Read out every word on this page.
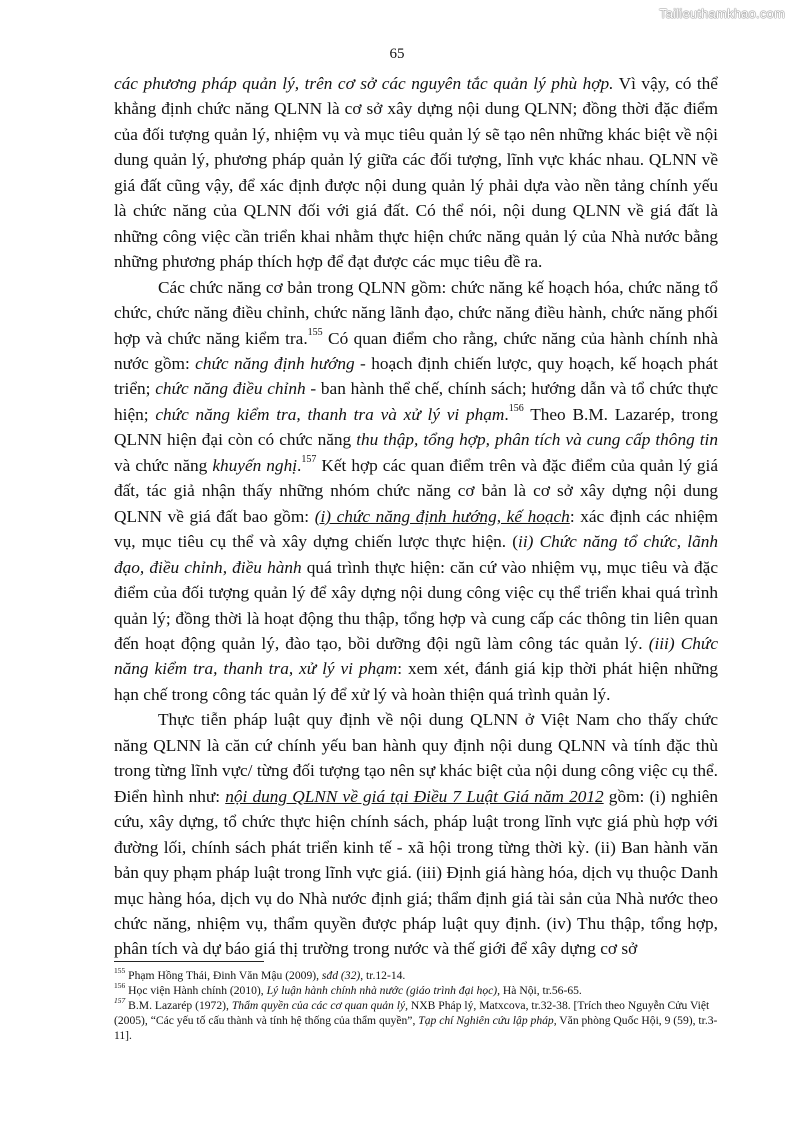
Tailieuthamkhao.com
65

các phương pháp quản lý, trên cơ sở các nguyên tắc quản lý phù hợp. Vì vậy, có thể khẳng định chức năng QLNN là cơ sở xây dựng nội dung QLNN; đồng thời đặc điểm của đối tượng quản lý, nhiệm vụ và mục tiêu quản lý sẽ tạo nên những khác biệt về nội dung quản lý, phương pháp quản lý giữa các đối tượng, lĩnh vực khác nhau. QLNN về giá đất cũng vậy, để xác định được nội dung quản lý phải dựa vào nền tảng chính yếu là chức năng của QLNN đối với giá đất. Có thể nói, nội dung QLNN về giá đất là những công việc cần triển khai nhằm thực hiện chức năng quản lý của Nhà nước bằng những phương pháp thích hợp để đạt được các mục tiêu đề ra.

Các chức năng cơ bản trong QLNN gồm: chức năng kế hoạch hóa, chức năng tổ chức, chức năng điều chỉnh, chức năng lãnh đạo, chức năng điều hành, chức năng phối hợp và chức năng kiểm tra.$^{155}$ Có quan điểm cho rằng, chức năng của hành chính nhà nước gồm: chức năng định hướng - hoạch định chiến lược, quy hoạch, kế hoạch phát triển; chức năng điều chỉnh - ban hành thể chế, chính sách; hướng dẫn và tổ chức thực hiện; chức năng kiểm tra, thanh tra và xử lý vi phạm.$^{156}$ Theo B.M. Lazarép, trong QLNN hiện đại còn có chức năng thu thập, tổng hợp, phân tích và cung cấp thông tin và chức năng khuyến nghị.$^{157}$ Kết hợp các quan điểm trên và đặc điểm của quản lý giá đất, tác giả nhận thấy những nhóm chức năng cơ bản là cơ sở xây dựng nội dung QLNN về giá đất bao gồm: (i) chức năng định hướng, kế hoạch: xác định các nhiệm vụ, mục tiêu cụ thể và xây dựng chiến lược thực hiện. (ii) Chức năng tổ chức, lãnh đạo, điều chỉnh, điều hành quá trình thực hiện: căn cứ vào nhiệm vụ, mục tiêu và đặc điểm của đối tượng quản lý để xây dựng nội dung công việc cụ thể triển khai quá trình quản lý; đồng thời là hoạt động thu thập, tổng hợp và cung cấp các thông tin liên quan đến hoạt động quản lý, đào tạo, bồi dưỡng đội ngũ làm công tác quản lý. (iii) Chức năng kiểm tra, thanh tra, xử lý vi phạm: xem xét, đánh giá kịp thời phát hiện những hạn chế trong công tác quản lý để xử lý và hoàn thiện quá trình quản lý.

Thực tiễn pháp luật quy định về nội dung QLNN ở Việt Nam cho thấy chức năng QLNN là căn cứ chính yếu ban hành quy định nội dung QLNN và tính đặc thù trong từng lĩnh vực/ từng đối tượng tạo nên sự khác biệt của nội dung công việc cụ thể. Điển hình như: nội dung QLNN về giá tại Điều 7 Luật Giá năm 2012 gồm: (i) nghiên cứu, xây dựng, tổ chức thực hiện chính sách, pháp luật trong lĩnh vực giá phù hợp với đường lối, chính sách phát triển kinh tế - xã hội trong từng thời kỳ. (ii) Ban hành văn bản quy phạm pháp luật trong lĩnh vực giá. (iii) Định giá hàng hóa, dịch vụ thuộc Danh mục hàng hóa, dịch vụ do Nhà nước định giá; thẩm định giá tài sản của Nhà nước theo chức năng, nhiệm vụ, thẩm quyền được pháp luật quy định. (iv) Thu thập, tổng hợp, phân tích và dự báo giá thị trường trong nước và thế giới để xây dựng cơ sở

$^{155}$ Phạm Hồng Thái, Đinh Văn Mậu (2009), sđd (32), tr.12-14.
$^{156}$ Học viện Hành chính (2010), Lý luận hành chính nhà nước (giáo trình đại học), Hà Nội, tr.56-65.
$^{157}$ B.M. Lazarép (1972), Thẩm quyền của các cơ quan quản lý, NXB Pháp lý, Matxcova, tr.32-38. [Trích theo Nguyễn Cửu Việt (2005), “Các yếu tố cấu thành và tính hệ thống của thẩm quyền”, Tạp chí Nghiên cứu lập pháp, Văn phòng Quốc Hội, 9 (59), tr.3-11].
